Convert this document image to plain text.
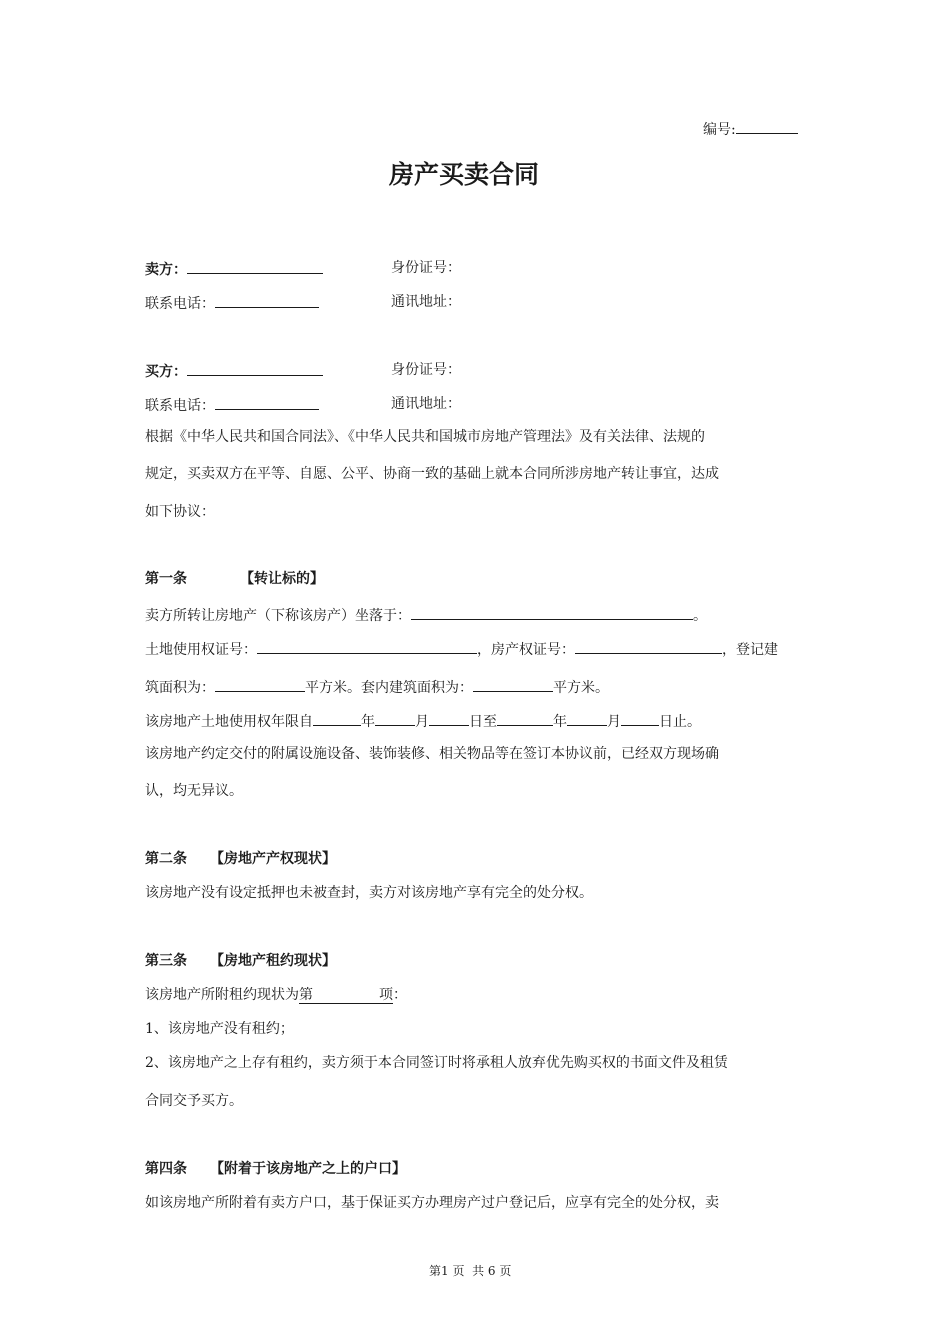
编号:
房产买卖合同
卖方：	身份证号：
联系电话：	通讯地址：
买方：	身份证号：
联系电话：	通讯地址：
根据《中华人民共和国合同法》、《中华人民共和国城市房地产管理法》及有关法律、法规的
规定，买卖双方在平等、自愿、公平、协商一致的基础上就本合同所涉房地产转让事宜，达成
如下协议：
第一条	【转让标的】
卖方所转让房地产（下称该房产）坐落于：	。
土地使用权证号：	，房产权证号：	，登记建
筑面积为：	平方米。套内建筑面积为：	平方米。
该房地产土地使用权年限自	年	月	日至	年	月	日止。
该房地产约定交付的附属设施设备、装饰装修、相关物品等在签订本协议前，已经双方现场确
认，均无异议。
第二条 【房地产产权现状】
该房地产没有设定抵押也未被查封，卖方对该房地产享有完全的处分权。
第三条 【房地产租约现状】
该房地产所附租约现状为第	项：
1、该房地产没有租约；
2、该房地产之上存有租约，卖方须于本合同签订时将承租人放弃优先购买权的书面文件及租赁
合同交予买方。
第四条 【附着于该房地产之上的户口】
如该房地产所附着有卖方户口，基于保证买方办理房产过户登记后，应享有完全的处分权，卖
第1 页  共 6 页
